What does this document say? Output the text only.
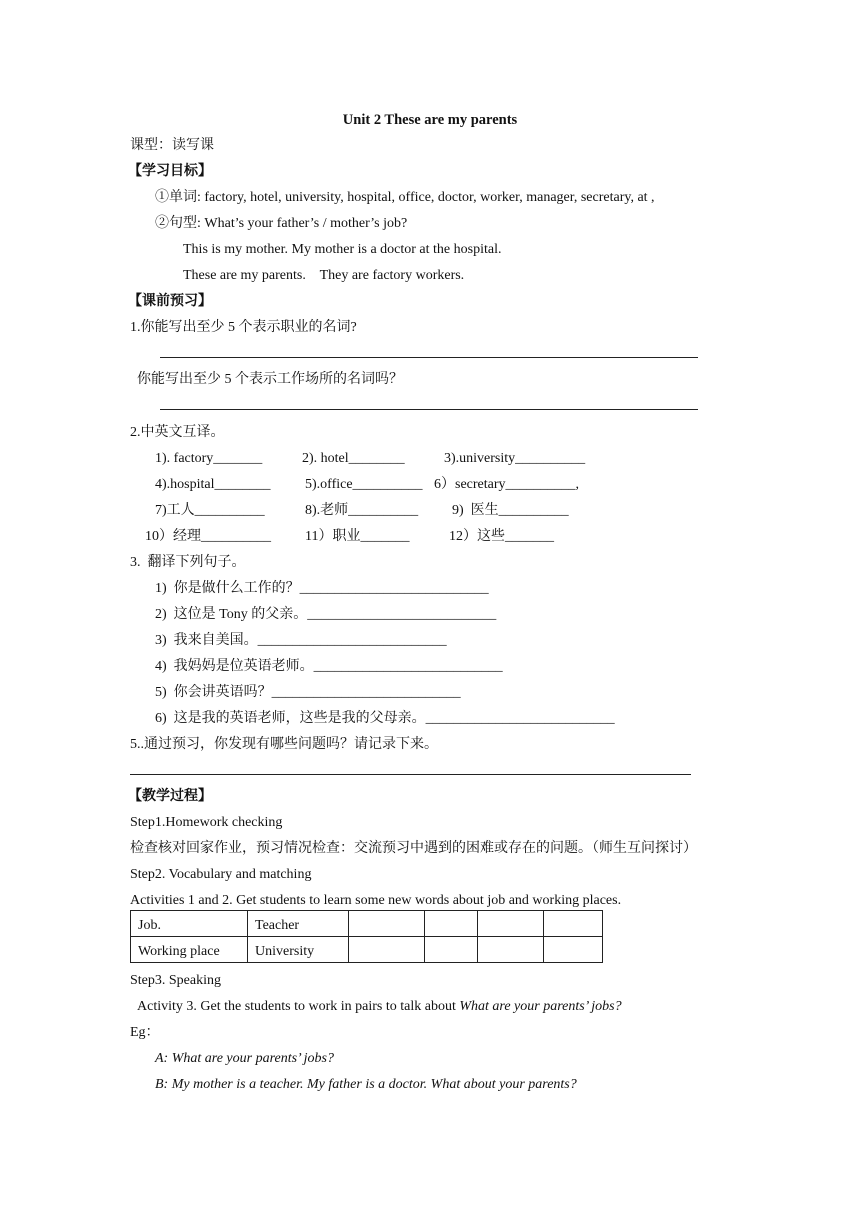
Unit 2 These are my parents
课型：读写课
【学习目标】
①单词: factory, hotel, university, hospital, office, doctor, worker, manager, secretary, at ,
②句型: What’s your father’s / mother’s job?
This is my mother. My mother is a doctor at the hospital.
These are my parents.    They are factory workers.
【课前预习】
1.你能写出至少 5 个表示职业的名词?
你能写出至少 5 个表示工作场所的名词吗？
2.中英文互译。
1). factory_______	2). hotel________	3).university__________
4).hospital________ 5).office__________ 6）secretary__________,
7)工人__________	8).老师__________ 9)  医生__________
10）经理__________ 11）职业_______	12）这些_______
3.  翻译下列句子。
1)  你是做什么工作的？___________________________
2)  这位是 Tony 的父亲。___________________________
3)  我来自美国。___________________________
4)  我妈妈是位英语老师。___________________________
5)  你会讲英语吗？___________________________
6)  这是我的英语老师，这些是我的父母亲。___________________________
5..通过预习，你发现有哪些问题吗？请记录下来。
【教学过程】
Step1.Homework checking
检查核对回家作业，预习情况检查：交流预习中遇到的困难或存在的问题。（师生互问探讨）
Step2. Vocabulary and matching
Activities 1 and 2. Get students to learn some new words about job and working places.
Job.	Teacher				
Working place	University				
Step3. Speaking
Activity 3. Get the students to work in pairs to talk about What are your parents’ jobs?
Eg：
A: What are your parents’ jobs?
B: My mother is a teacher. My father is a doctor. What about your parents?
